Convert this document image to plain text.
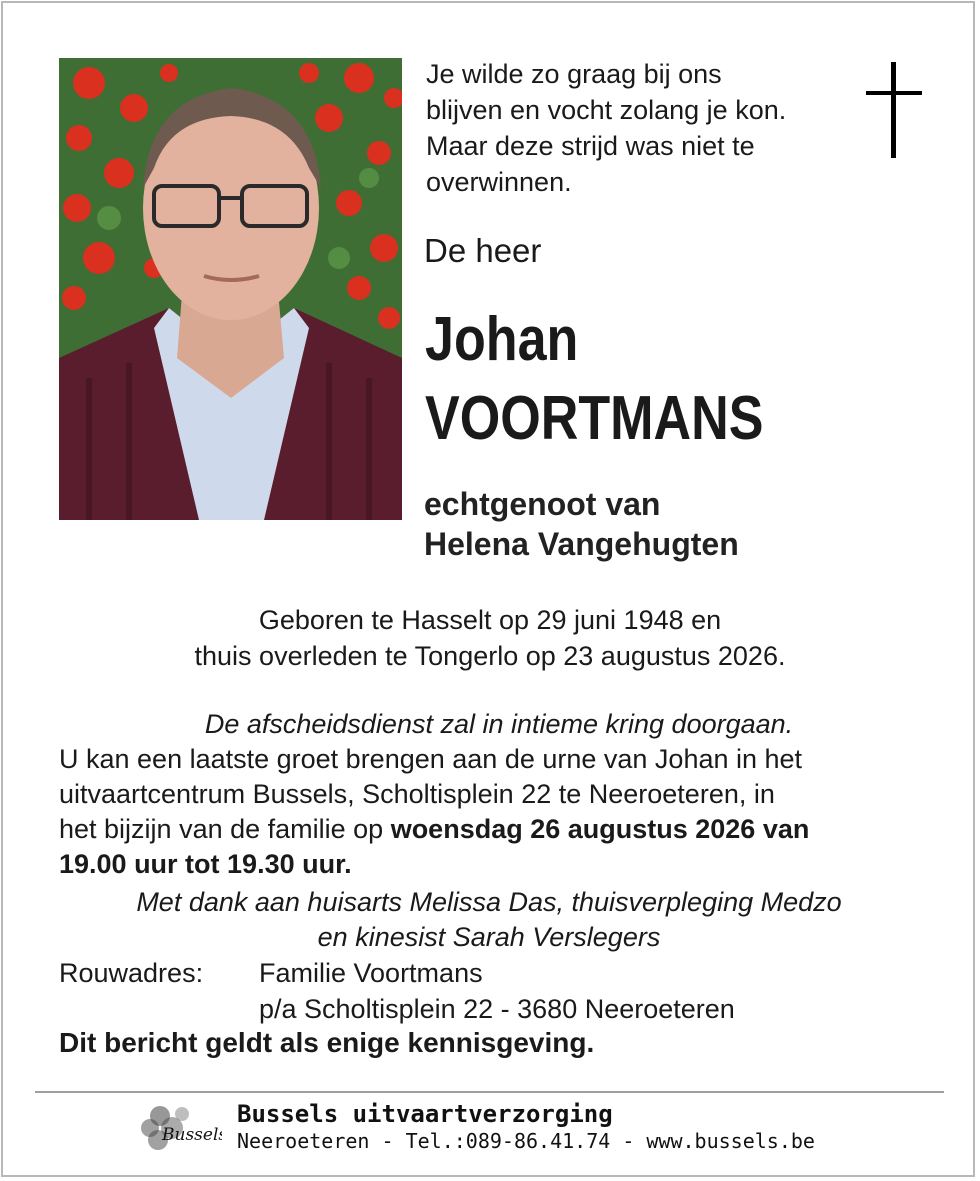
Je wilde zo graag bij ons
blijven en vocht zolang je kon.
Maar deze strijd was niet te
overwinnen.
De heer
Johan
VOORTMANS
echtgenoot van
Helena Vangehugten
Geboren te Hasselt op 29 juni 1948 en
thuis overleden te Tongerlo op 23 augustus 2026.
De afscheidsdienst zal in intieme kring doorgaan.
U kan een laatste groet brengen aan de urne van Johan in het
uitvaartcentrum Bussels, Scholtisplein 22 te Neeroeteren, in
het bijzijn van de familie op woensdag 26 augustus 2026 van
19.00 uur tot 19.30 uur.
Met dank aan huisarts Melissa Das, thuisverpleging Medzo
en kinesist Sarah Verslegers
Rouwadres: Familie Voortmans
p/a Scholtisplein 22 - 3680 Neeroeteren
Dit bericht geldt als enige kennisgeving.
Bussels
Bussels uitvaartverzorging
Neeroeteren - Tel.:089-86.41.74 - www.bussels.be
